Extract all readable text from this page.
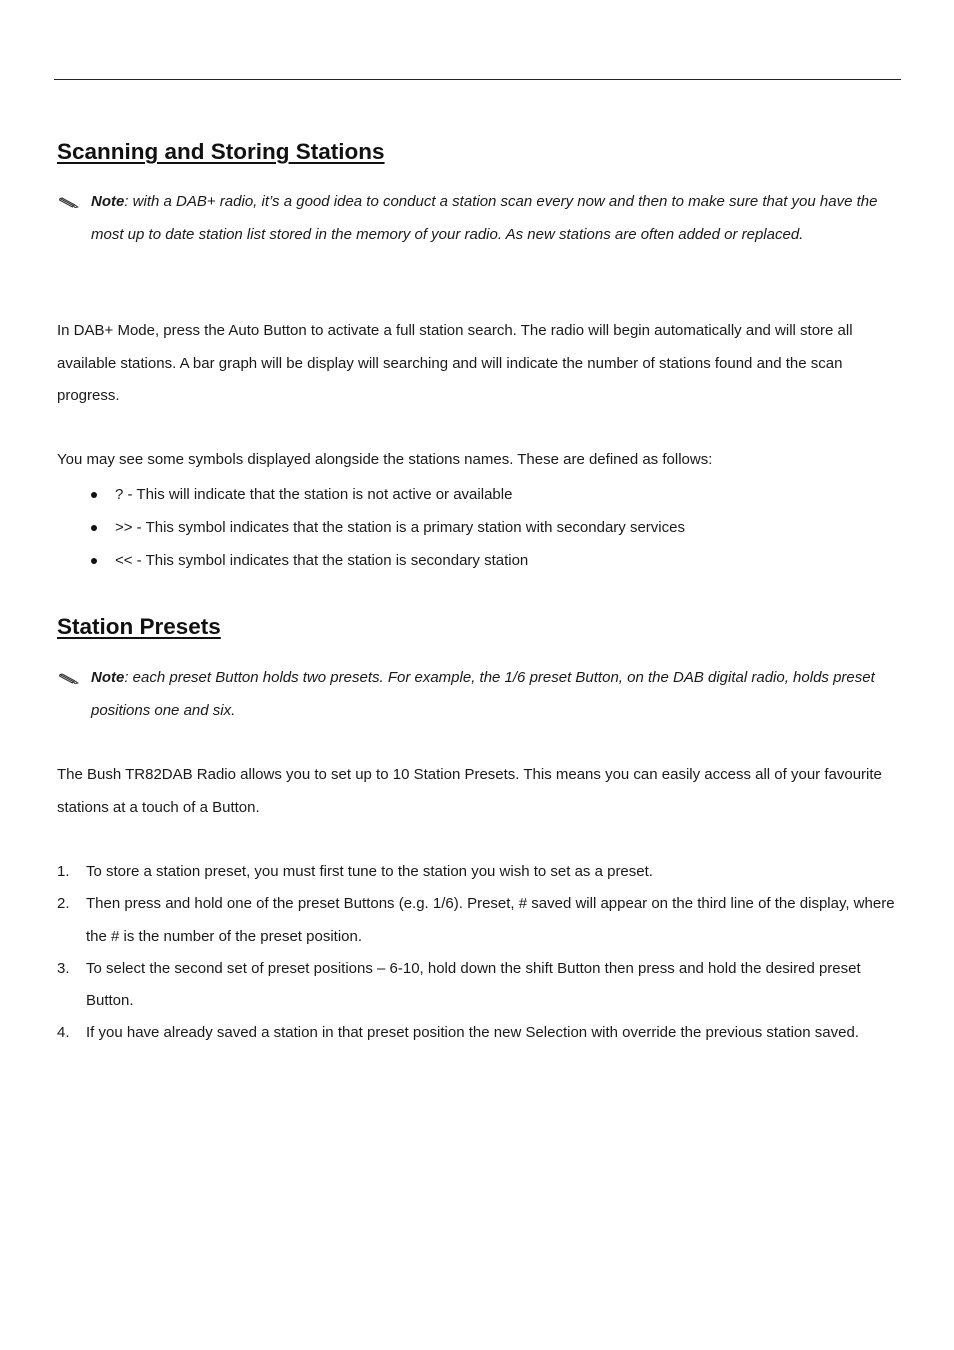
Scanning and Storing Stations
Note: with a DAB+ radio, it’s a good idea to conduct a station scan every now and then to make sure that you have the most up to date station list stored in the memory of your radio. As new stations are often added or replaced.

In DAB+ Mode, press the Auto Button to activate a full station search. The radio will begin automatically and will store all available stations. A bar graph will be display will searching and will indicate the number of stations found and the scan progress.

You may see some symbols displayed alongside the stations names. These are defined as follows:

? - This will indicate that the station is not active or available
>> - This symbol indicates that the station is a primary station with secondary services
<< - This symbol indicates that the station is secondary station
Station Presets
Note: each preset Button holds two presets. For example, the 1/6 preset Button, on the DAB digital radio, holds preset positions one and six.

The Bush TR82DAB Radio allows you to set up to 10 Station Presets. This means you can easily access all of your favourite stations at a touch of a Button.

1. To store a station preset, you must first tune to the station you wish to set as a preset.
2. Then press and hold one of the preset Buttons (e.g. 1/6). Preset, # saved will appear on the third line of the display, where the # is the number of the preset position.
3. To select the second set of preset positions – 6-10, hold down the shift Button then press and hold the desired preset Button.
4. If you have already saved a station in that preset position the new Selection with override the previous station saved.
